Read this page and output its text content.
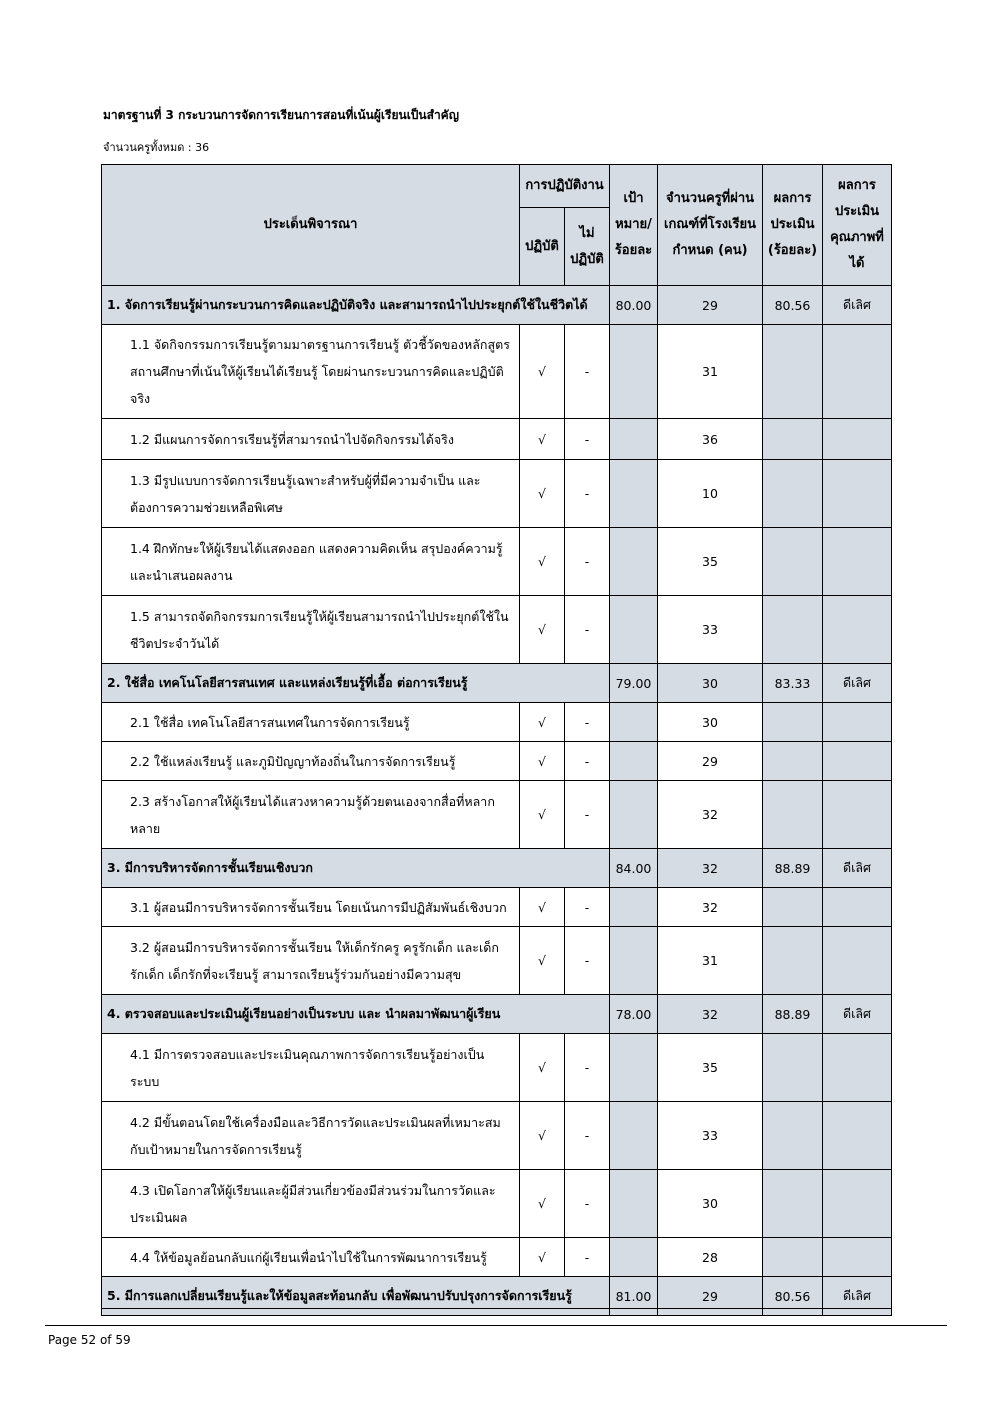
มาตรฐานที่ 3 กระบวนการจัดการเรียนการสอนที่เน้นผู้เรียนเป็นสำคัญ
จำนวนครูทั้งหมด : 36
ประเด็นพิจารณา	การปฏิบัติงาน		เป้า หมาย/ ร้อยละ	จำนวนครูที่ผ่าน เกณฑ์ที่โรงเรียน กำหนด (คน)	ผลการ ประเมิน (ร้อยละ)	ผลการ ประเมิน คุณภาพที่ ได้
	ปฏิบัติ	ไม่ ปฏิบัติ				
1. จัดการเรียนรู้ผ่านกระบวนการคิดและปฏิบัติจริง และสามารถนำไปประยุกต์ใช้ในชีวิตได้			80.00	29	80.56	ดีเลิศ
1.1 จัดกิจกรรมการเรียนรู้ตามมาตรฐานการเรียนรู้ ตัวชี้วัดของหลักสูตรสถานศึกษาที่เน้นให้ผู้เรียนได้เรียนรู้ โดยผ่านกระบวนการคิดและปฏิบัติจริง	√	-		31		
1.2 มีแผนการจัดการเรียนรู้ที่สามารถนำไปจัดกิจกรรมได้จริง	√	-		36		
1.3 มีรูปแบบการจัดการเรียนรู้เฉพาะสำหรับผู้ที่มีความจำเป็น และต้องการความช่วยเหลือพิเศษ	√	-		10		
1.4 ฝึกทักษะให้ผู้เรียนได้แสดงออก แสดงความคิดเห็น สรุปองค์ความรู้และนำเสนอผลงาน	√	-		35		
1.5 สามารถจัดกิจกรรมการเรียนรู้ให้ผู้เรียนสามารถนำไปประยุกต์ใช้ในชีวิตประจำวันได้	√	-		33		
2. ใช้สื่อ เทคโนโลยีสารสนเทศ และแหล่งเรียนรู้ที่เอื้อ ต่อการเรียนรู้			79.00	30	83.33	ดีเลิศ
2.1 ใช้สื่อ เทคโนโลยีสารสนเทศในการจัดการเรียนรู้	√	-		30		
2.2 ใช้แหล่งเรียนรู้ และภูมิปัญญาท้องถิ่นในการจัดการเรียนรู้	√	-		29		
2.3 สร้างโอกาสให้ผู้เรียนได้แสวงหาความรู้ด้วยตนเองจากสื่อที่หลากหลาย	√	-		32		
3. มีการบริหารจัดการชั้นเรียนเชิงบวก			84.00	32	88.89	ดีเลิศ
3.1 ผู้สอนมีการบริหารจัดการชั้นเรียน โดยเน้นการมีปฏิสัมพันธ์เชิงบวก	√	-		32		
3.2 ผู้สอนมีการบริหารจัดการชั้นเรียน ให้เด็กรักครู ครูรักเด็ก และเด็กรักเด็ก เด็กรักที่จะเรียนรู้ สามารถเรียนรู้ร่วมกันอย่างมีความสุข	√	-		31		
4. ตรวจสอบและประเมินผู้เรียนอย่างเป็นระบบ และ นำผลมาพัฒนาผู้เรียน			78.00	32	88.89	ดีเลิศ
4.1 มีการตรวจสอบและประเมินคุณภาพการจัดการเรียนรู้อย่างเป็นระบบ	√	-		35		
4.2 มีขั้นตอนโดยใช้เครื่องมือและวิธีการวัดและประเมินผลที่เหมาะสมกับเป้าหมายในการจัดการเรียนรู้	√	-		33		
4.3 เปิดโอกาสให้ผู้เรียนและผู้มีส่วนเกี่ยวข้องมีส่วนร่วมในการวัดและประเมินผล	√	-		30		
4.4 ให้ข้อมูลย้อนกลับแก่ผู้เรียนเพื่อนำไปใช้ในการพัฒนาการเรียนรู้	√	-		28		
5. มีการแลกเปลี่ยนเรียนรู้และให้ข้อมูลสะท้อนกลับ เพื่อพัฒนาปรับปรุงการจัดการเรียนรู้			81.00	29	80.56	ดีเลิศ
Page 52 of 59
